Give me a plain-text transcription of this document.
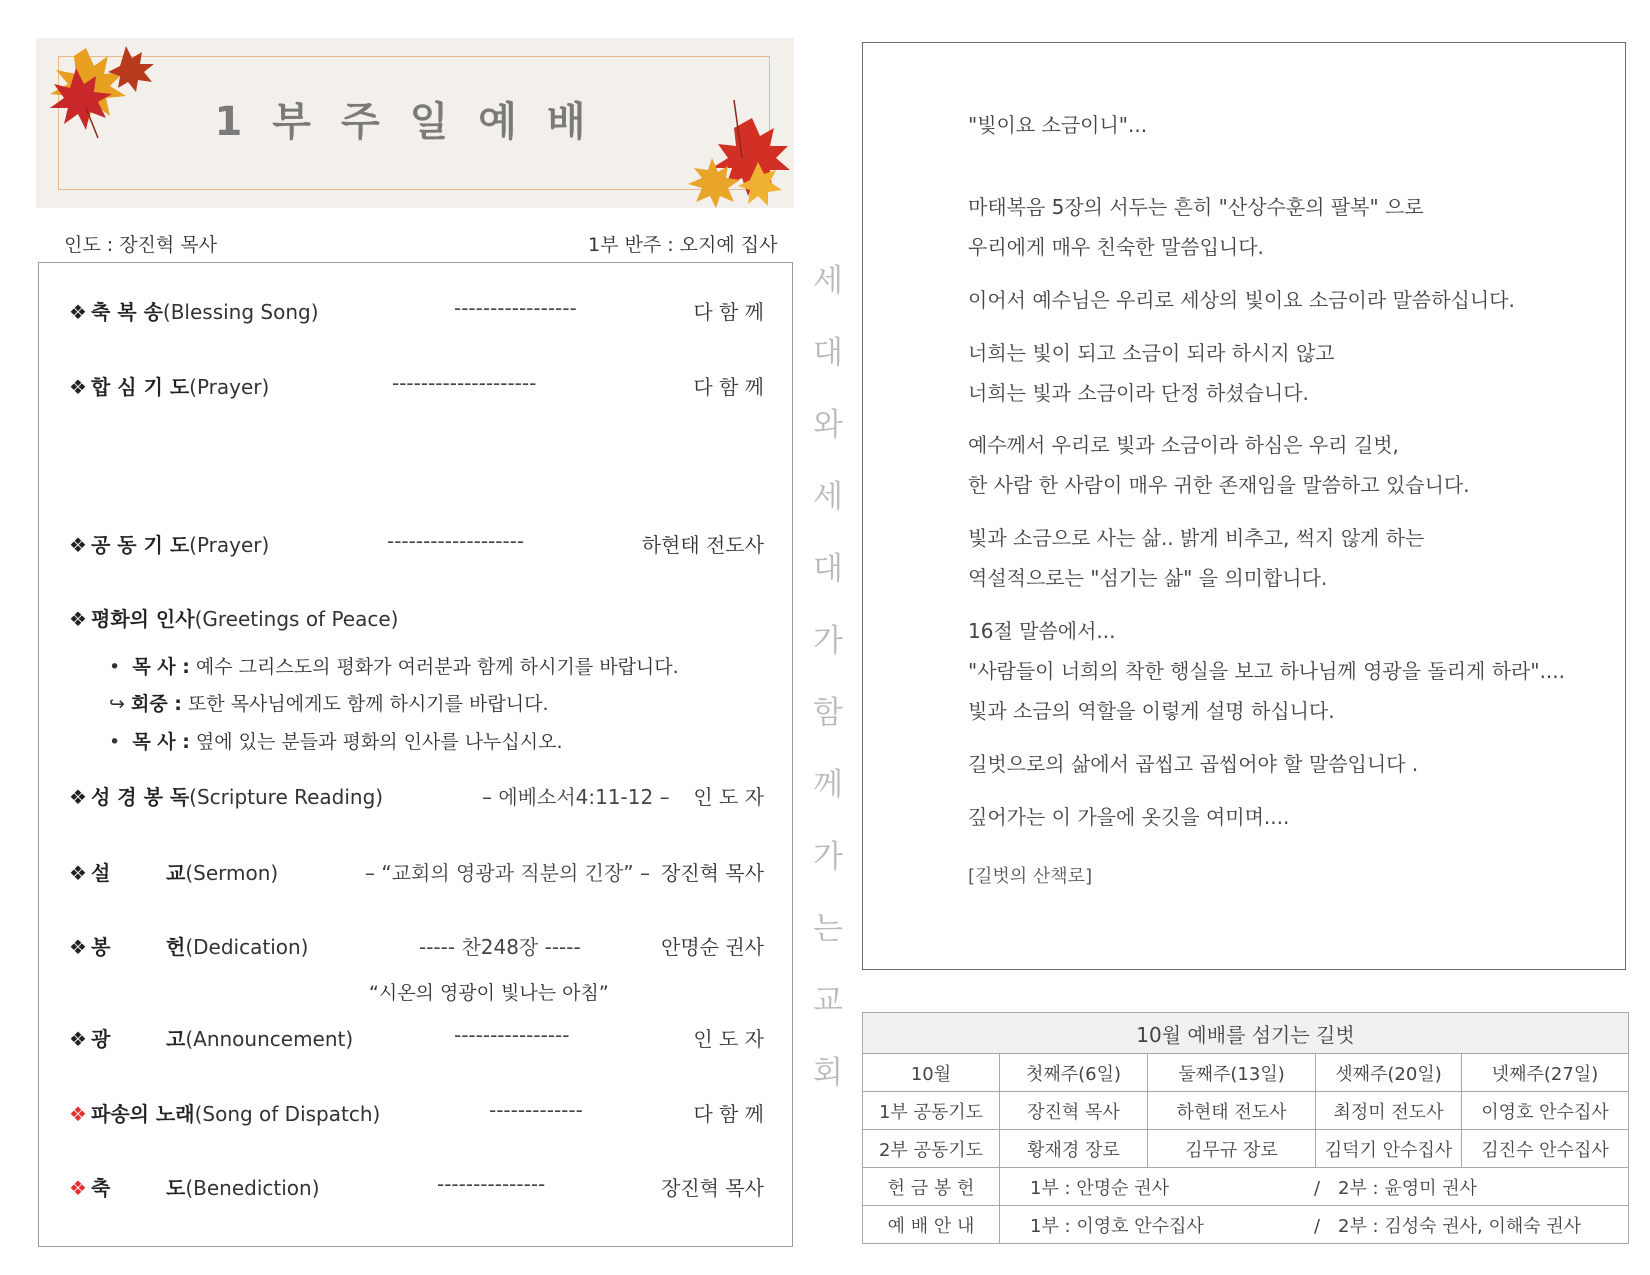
1부주일예배
인도 : 장진혁 목사	1부 반주 : 오지예 집사
❖ 축 복 송(Blessing Song)	-----------------	다 함 께
❖ 합 심 기 도(Prayer)	--------------------	다 함 께
❖ 공 동 기 도(Prayer)	-------------------	하현태 전도사
❖ 평화의 인사(Greetings of Peace)
• 목 사 : 예수 그리스도의 평화가 여러분과 함께 하시기를 바랍니다.
↪ 회중 : 또한 목사님에게도 함께 하시기를 바랍니다.
• 목 사 : 옆에 있는 분들과 평화의 인사를 나누십시오.
❖ 성 경 봉 독(Scripture Reading)	– 에베소서4:11-12 – 인 도 자
❖ 설        교(Sermon)	– “교회의 영광과 직분의 긴장” – 장진혁 목사
❖ 봉        헌(Dedication)	----- 찬248장 -----	안명순 권사
“시온의 영광이 빛나는 아침”
❖ 광        고(Announcement)	----------------	인 도 자
❖ 파송의 노래(Song of Dispatch)	-------------	다 함 께
❖ 축        도(Benediction)	---------------	장진혁 목사
세
대
와
세
대
가
함
께
가
는
교
회
"빛이요 소금이니"...
마태복음 5장의 서두는 흔히 "산상수훈의 팔복" 으로
우리에게 매우 친숙한 말씀입니다.
이어서 예수님은 우리로 세상의 빛이요 소금이라 말씀하십니다.
너희는 빛이 되고 소금이 되라 하시지 않고
너희는 빛과 소금이라 단정 하셨습니다.
예수께서 우리로 빛과 소금이라 하심은 우리 길벗,
한 사람 한 사람이 매우 귀한 존재임을 말씀하고 있습니다.
빛과 소금으로 사는 삶.. 밝게 비추고, 썩지 않게 하는
역설적으로는 "섬기는 삶" 을 의미합니다.
16절 말씀에서...
"사람들이 너희의 착한 행실을 보고 하나님께 영광을 돌리게 하라"....
빛과 소금의 역할을 이렇게 설명 하십니다.
길벗으로의 삶에서 곱씹고 곱씹어야 할 말씀입니다 .
깊어가는 이 가을에 옷깃을 여미며....
[길벗의 산책로]
10월 예배를 섬기는 길벗				
10월	첫째주(6일)	둘째주(13일)	셋째주(20일)	넷째주(27일)
1부 공동기도	장진혁 목사	하현태 전도사	최정미 전도사	이영호 안수집사
2부 공동기도	황재경 장로	김무규 장로	김덕기 안수집사	김진수 안수집사
헌 금 봉 헌	1부 : 안명순 권사 / 2부 : 윤영미 권사			
예 배 안 내	1부 : 이영호 안수집사 / 2부 : 김성숙 권사, 이해숙 권사			
